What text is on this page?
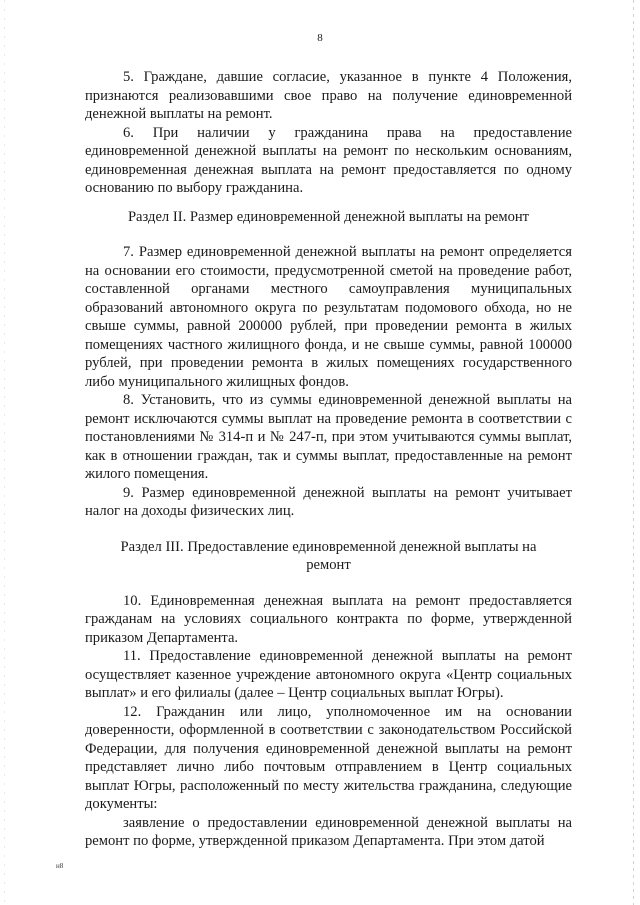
8

5. Граждане, давшие согласие, указанное в пункте 4 Положения, признаются реализовавшими свое право на получение единовременной денежной выплаты на ремонт.

6. При наличии у гражданина права на предоставление единовременной денежной выплаты на ремонт по нескольким основаниям, единовременная денежная выплата на ремонт предоставляется по одному основанию по выбору гражданина.

Раздел II. Размер единовременной денежной выплаты на ремонт

7. Размер единовременной денежной выплаты на ремонт определяется на основании его стоимости, предусмотренной сметой на проведение работ, составленной органами местного самоуправления муниципальных образований автономного округа по результатам подомового обхода, но не свыше суммы, равной 200000 рублей, при проведении ремонта в жилых помещениях частного жилищного фонда, и не свыше суммы, равной 100000 рублей, при проведении ремонта в жилых помещениях государственного либо муниципального жилищных фондов.

8. Установить, что из суммы единовременной денежной выплаты на ремонт исключаются суммы выплат на проведение ремонта в соответствии с постановлениями № 314-п и № 247-п, при этом учитываются суммы выплат, как в отношении граждан, так и суммы выплат, предоставленные на ремонт жилого помещения.

9. Размер единовременной денежной выплаты на ремонт учитывает налог на доходы физических лиц.

Раздел III. Предоставление единовременной денежной выплаты на
ремонт

10. Единовременная денежная выплата на ремонт предоставляется гражданам на условиях социального контракта по форме, утвержденной приказом Департамента.

11. Предоставление единовременной денежной выплаты на ремонт осуществляет казенное учреждение автономного округа «Центр социальных выплат» и его филиалы (далее – Центр социальных выплат Югры).

12. Гражданин или лицо, уполномоченное им на основании доверенности, оформленной в соответствии с законодательством Российской Федерации, для получения единовременной денежной выплаты на ремонт представляет лично либо почтовым отправлением в Центр социальных выплат Югры, расположенный по месту жительства гражданина, следующие документы:

заявление о предоставлении единовременной денежной выплаты на ремонт по форме, утвержденной приказом Департамента. При этом датой

н8
